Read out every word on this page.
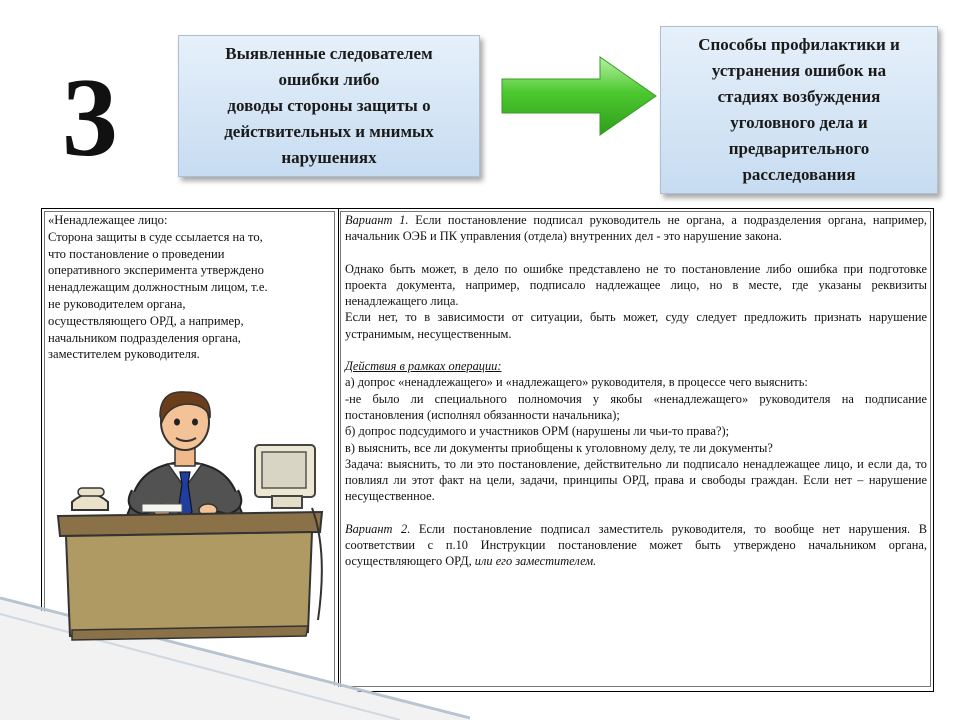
3
Выявленные следователем
ошибки либо
доводы стороны защиты о
действительных и мнимых
нарушениях
Способы профилактики и
устранения ошибок на
стадиях возбуждения
уголовного дела и
предварительного
расследования
«Ненадлежащее лицо:
Сторона защиты в суде ссылается на то,
что постановление о проведении
оперативного эксперимента утверждено
ненадлежащим должностным лицом, т.е.
не руководителем органа,
осуществляющего ОРД, а например,
начальником подразделения органа,
заместителем руководителя.

Вариант 1. Если постановление подписал руководитель не органа, а подразделения органа, например, начальник ОЭБ и ПК управления (отдела) внутренних дел - это нарушение закона.

Однако быть может, в дело по ошибке представлено не то постановление либо ошибка при подготовке проекта документа, например, подписало надлежащее лицо, но в месте, где указаны реквизиты ненадлежащего лица.

Если нет, то в зависимости от ситуации, быть может, суду следует предложить признать нарушение устранимым, несущественным.

Действия в рамках операции:

а) допрос «ненадлежащего» и «надлежащего» руководителя, в процессе чего выяснить:

-не было ли специального полномочия у якобы «ненадлежащего» руководителя на подписание постановления (исполнял обязанности начальника);

б) допрос подсудимого и участников ОРМ (нарушены ли чьи-то права?);

в) выяснить, все ли документы приобщены к уголовному делу, те ли документы?

Задача: выяснить, то ли это постановление, действительно ли подписало ненадлежащее лицо, и если да, то повлиял ли этот факт на цели, задачи, принципы ОРД, права и свободы граждан. Если нет – нарушение несущественное.

Вариант 2. Если постановление подписал заместитель руководителя, то вообще нет нарушения. В соответствии с п.10 Инструкции постановление может быть утверждено начальником органа, осуществляющего ОРД, или его заместителем.
